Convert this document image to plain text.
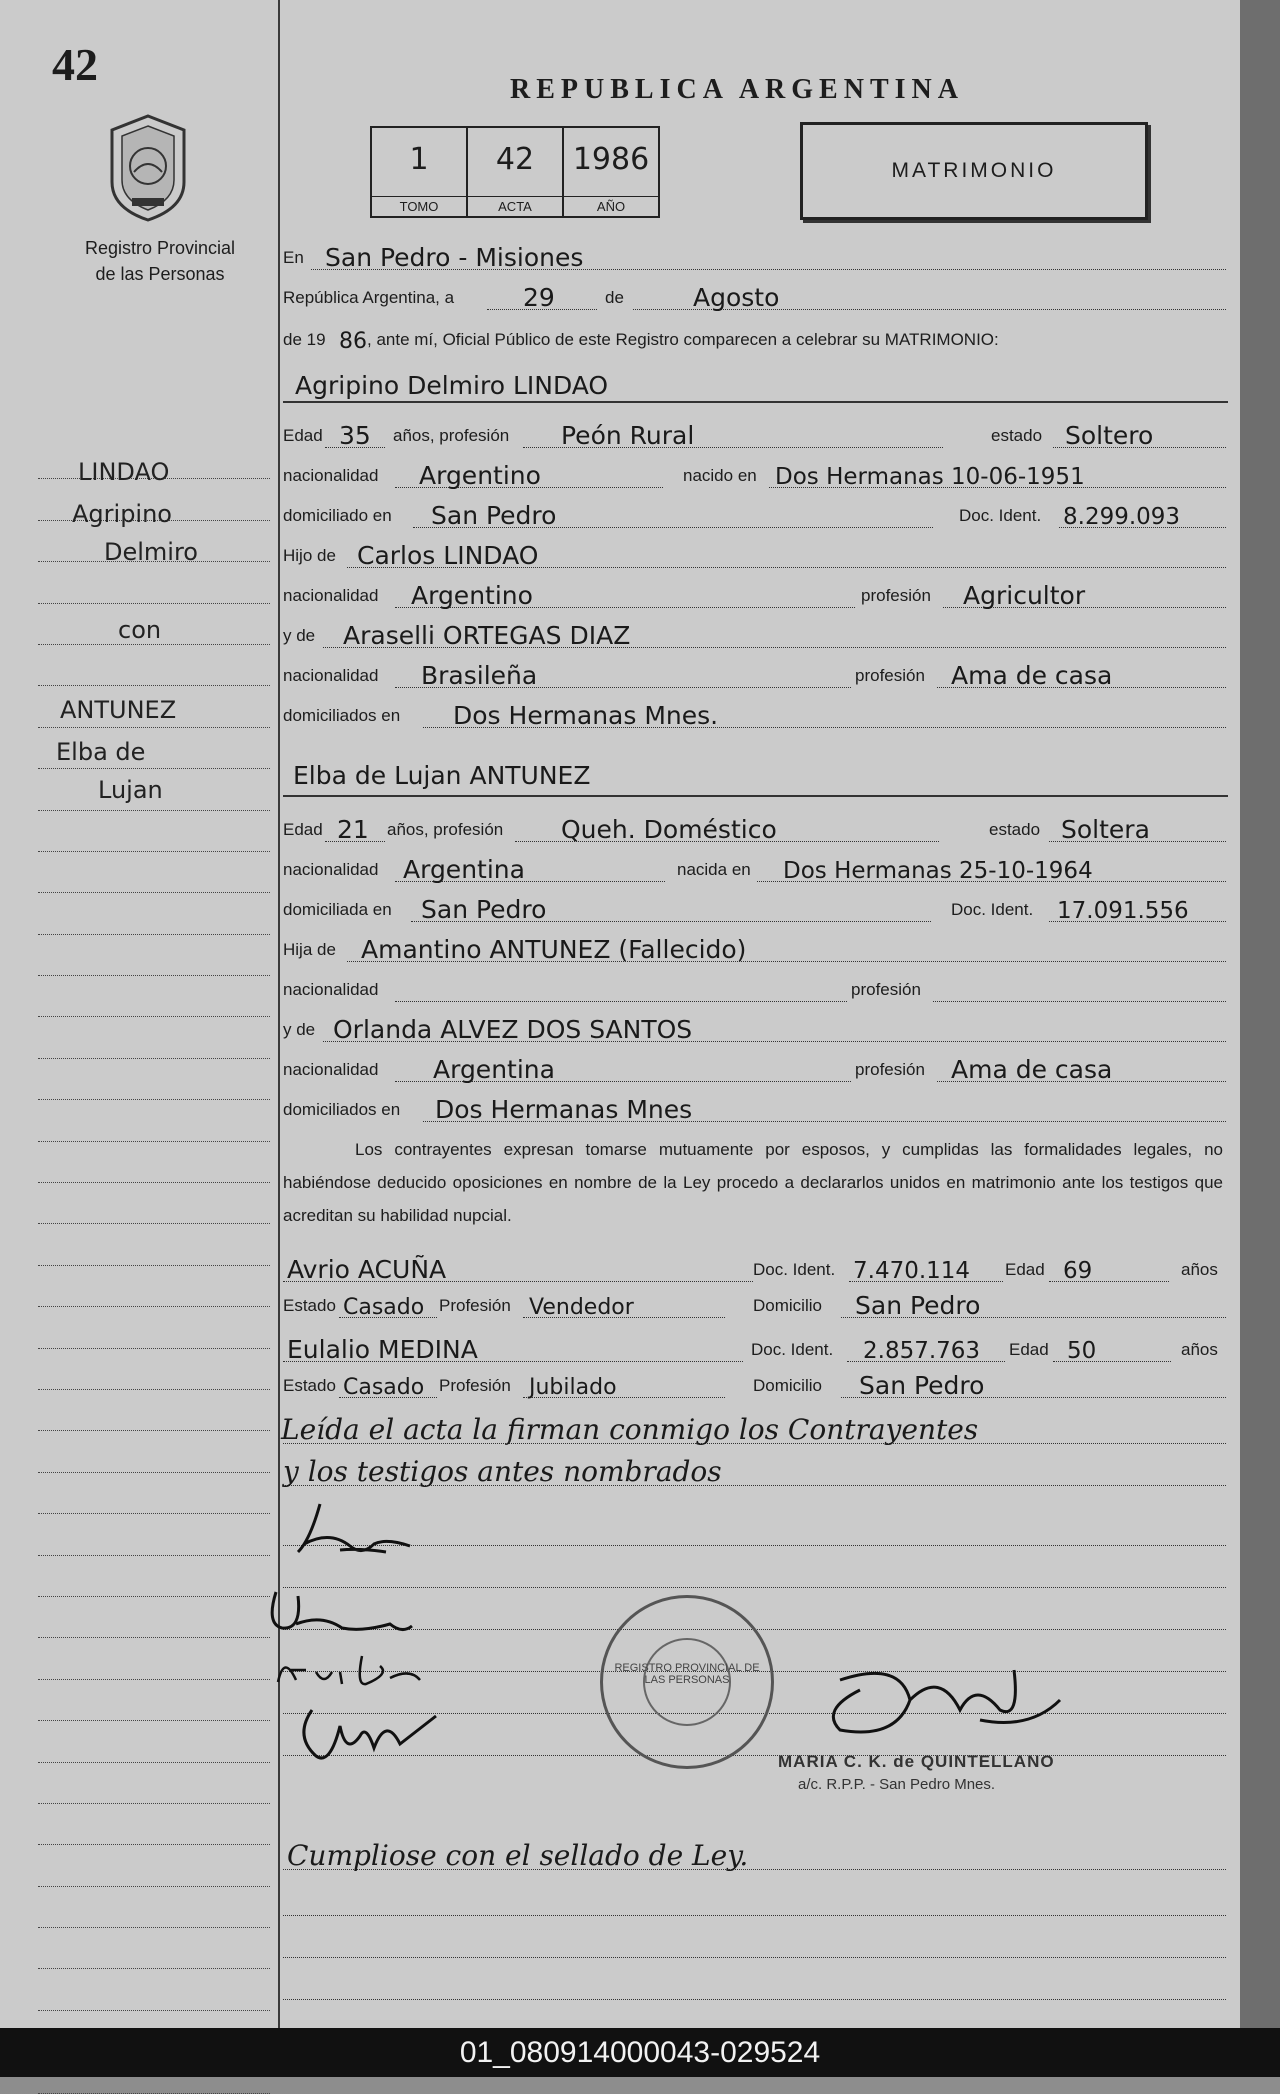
42
Registro Provincial
de las Personas
LINDAO
Agripino
Delmiro
con
ANTUNEZ
Elba de
Lujan
REPUBLICA ARGENTINA
1
TOMO
42
ACTA
1986
AÑO
MATRIMONIO
En San Pedro - Misiones
República Argentina, a	29	de	Agosto
de 19 86 , ante mí, Oficial Público de este Registro comparecen a celebrar su MATRIMONIO:
Agripino Delmiro LINDAO
Edad 35 años, profesión Peón Rural	estado Soltero
nacionalidad Argentino	nacido en Dos Hermanas 10-06-1951
domiciliado en San Pedro	Doc. Ident. 8.299.093
Hijo de Carlos LINDAO
nacionalidad Argentino	profesión Agricultor
y de Araselli ORTEGAS DIAZ
nacionalidad Brasileña	profesión Ama de casa
domiciliados en Dos Hermanas Mnes.
Elba de Lujan ANTUNEZ
Edad 21 años, profesión Queh. Doméstico	estado Soltera
nacionalidad Argentina	nacida en Dos Hermanas 25-10-1964
domiciliada en San Pedro	Doc. Ident. 17.091.556
Hija de Amantino ANTUNEZ (Fallecido)
nacionalidad	profesión
y de Orlanda ALVEZ DOS SANTOS
nacionalidad Argentina	profesión Ama de casa
domiciliados en Dos Hermanas Mnes
Los contrayentes expresan tomarse mutuamente por esposos, y cumplidas las formalidades legales, no habiéndose deducido oposiciones en nombre de la Ley procedo a declararlos unidos en matrimonio ante los testigos que acreditan su habilidad nupcial.
Avrio ACUÑA	Doc. Ident. 7.470.114 Edad 69	años
Estado Casado Profesión Vendedor	Domicilio San Pedro
Eulalio MEDINA	Doc. Ident. 2.857.763 Edad 50	años
Estado Casado Profesión Jubilado	Domicilio San Pedro
Leída el acta la firman conmigo los Contrayentes
y los testigos antes nombrados
Cumpliose con el sellado de Ley.
REGISTRO PROVINCIAL DE LAS PERSONAS
MARIA C. K. de QUINTELLANO
a/c. R.P.P. - San Pedro Mnes.
01_080914000043-029524
